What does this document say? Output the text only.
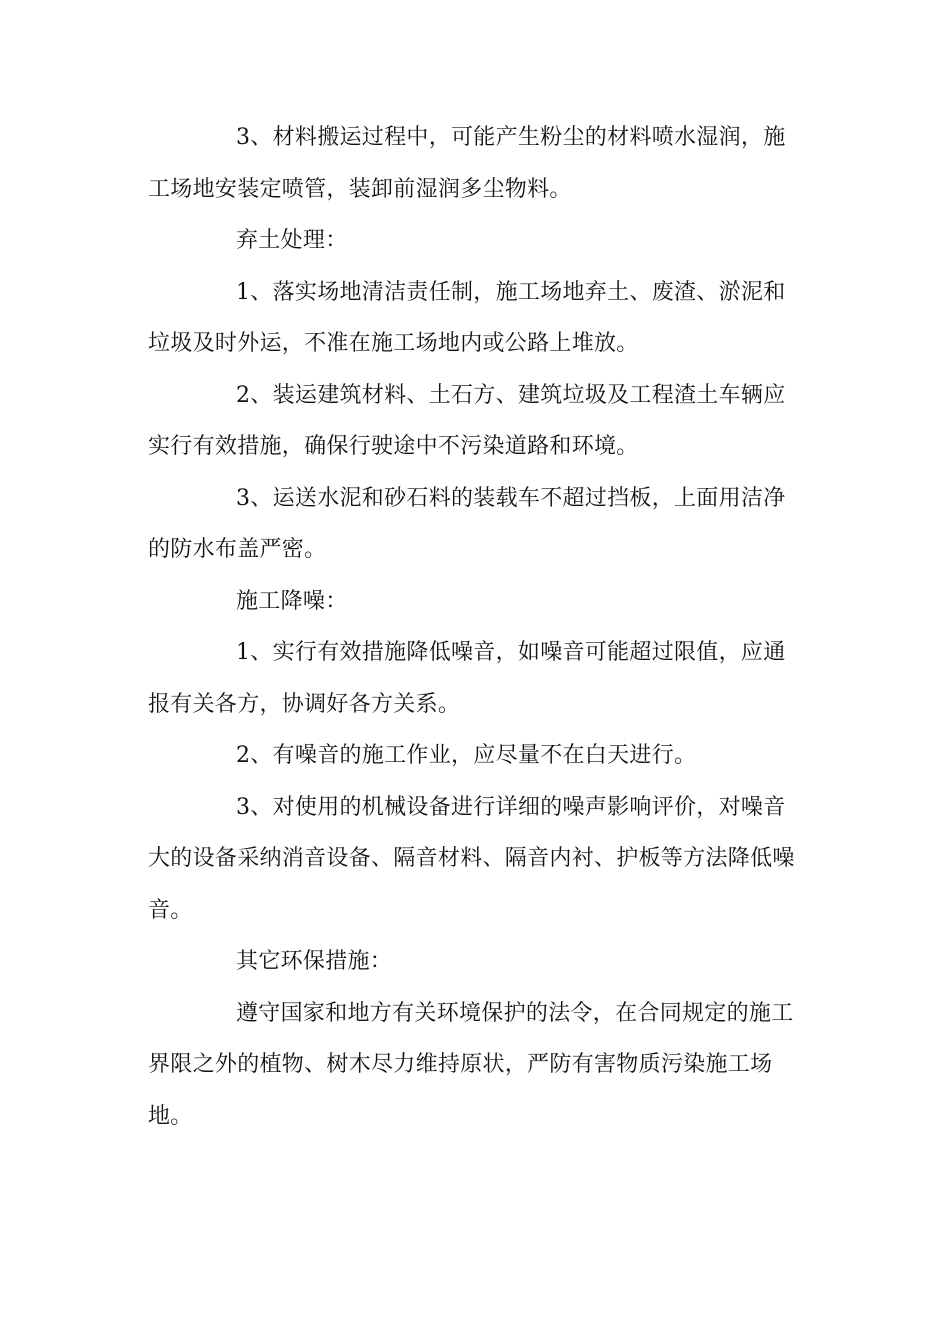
3、材料搬运过程中，可能产生粉尘的材料喷水湿润，施工场地安装定喷管，装卸前湿润多尘物料。

弃土处理：

1、落实场地清洁责任制，施工场地弃土、废渣、淤泥和垃圾及时外运，不准在施工场地内或公路上堆放。

2、装运建筑材料、土石方、建筑垃圾及工程渣土车辆应实行有效措施，确保行驶途中不污染道路和环境。

3、运送水泥和砂石料的装载车不超过挡板，上面用洁净的防水布盖严密。

施工降噪：

1、实行有效措施降低噪音，如噪音可能超过限值，应通报有关各方，协调好各方关系。

2、有噪音的施工作业，应尽量不在白天进行。

3、对使用的机械设备进行详细的噪声影响评价，对噪音大的设备采纳消音设备、隔音材料、隔音内衬、护板等方法降低噪音。

其它环保措施：

遵守国家和地方有关环境保护的法令，在合同规定的施工界限之外的植物、树木尽力维持原状，严防有害物质污染施工场地。
